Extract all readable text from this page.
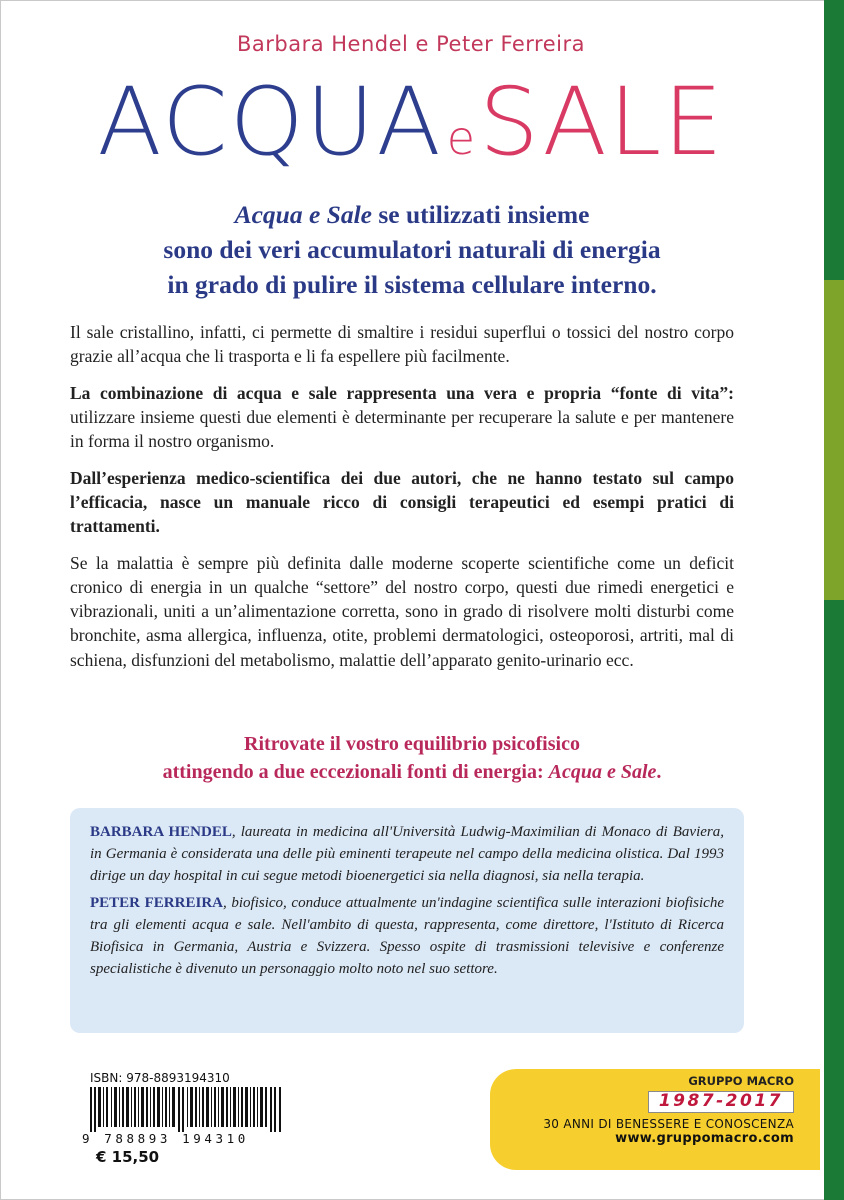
Barbara Hendel e Peter Ferreira
ACQUAeSALE
Acqua e Sale se utilizzati insieme
sono dei veri accumulatori naturali di energia
in grado di pulire il sistema cellulare interno.

Il sale cristallino, infatti, ci permette di smaltire i residui superflui o tossici del nostro corpo grazie all’acqua che li trasporta e li fa espellere più facilmente.

La combinazione di acqua e sale rappresenta una vera e propria “fonte di vita”: utilizzare insieme questi due elementi è determinante per recuperare la salute e per mantenere in forma il nostro organismo.

Dall’esperienza medico-scientifica dei due autori, che ne hanno testato sul campo l’efficacia, nasce un manuale ricco di consigli terapeutici ed esempi pratici di trattamenti.

Se la malattia è sempre più definita dalle moderne scoperte scientifiche come un deficit cronico di energia in un qualche “settore” del nostro corpo, questi due rimedi energetici e vibrazionali, uniti a un’alimentazione corretta, sono in grado di risolvere molti disturbi come bronchite, asma allergica, influenza, otite, problemi dermatologici, osteoporosi, artriti, mal di schiena, disfunzioni del metabolismo, malattie dell’apparato genito-urinario ecc.

Ritrovate il vostro equilibrio psicofisico
attingendo a due eccezionali fonti di energia: Acqua e Sale.

BARBARA HENDEL, laureata in medicina all'Università Ludwig-Maximilian di Monaco di Baviera, in Germania è considerata una delle più eminenti terapeute nel campo della medicina olistica. Dal 1993 dirige un day hospital in cui segue metodi bioenergetici sia nella diagnosi, sia nella terapia.

PETER FERREIRA, biofisico, conduce attualmente un'indagine scientifica sulle interazioni biofisiche tra gli elementi acqua e sale. Nell'ambito di questa, rappresenta, come direttore, l'Istituto di Ricerca Biofisica in Germania, Austria e Svizzera. Spesso ospite di trasmissioni televisive e conferenze specialistiche è divenuto un personaggio molto noto nel suo settore.

ISBN: 978-8893194310
9 788893 194310
€ 15,50
GRUPPO MACRO
1987-2017
30 ANNI DI BENESSERE E CONOSCENZA
www.gruppomacro.com
